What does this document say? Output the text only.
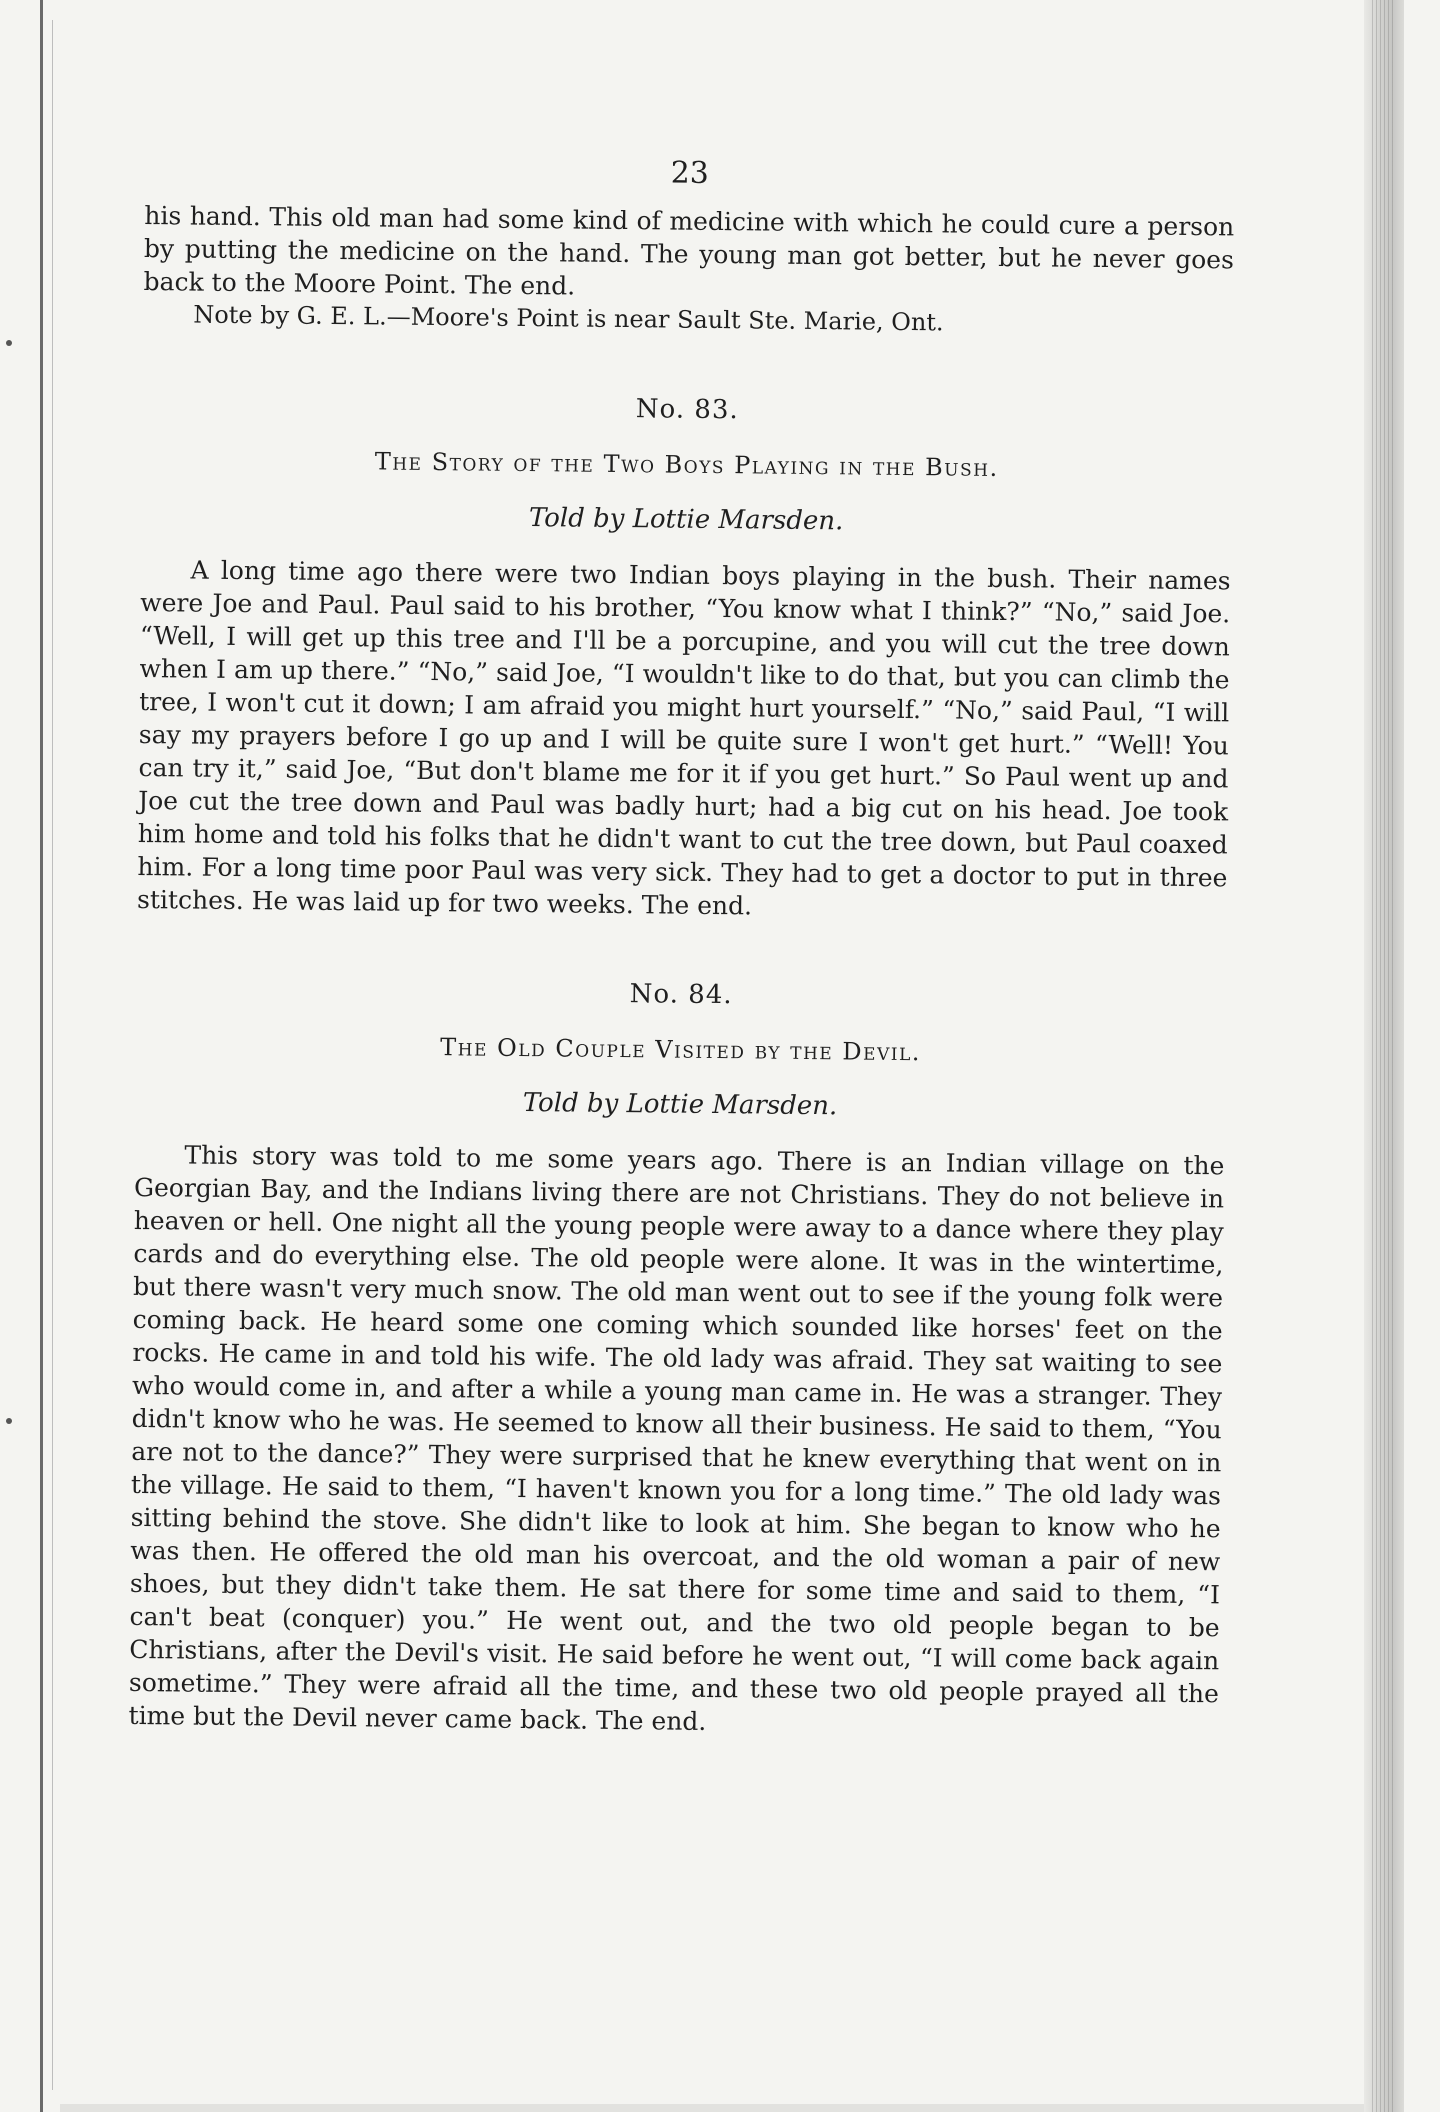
23

his hand. This old man had some kind of medicine with which he could cure a person by putting the medicine on the hand. The young man got better, but he never goes back to the Moore Point. The end.

Note by G. E. L.—Moore's Point is near Sault Ste. Marie, Ont.

No. 83.
The Story of the Two Boys Playing in the Bush.
Told by Lottie Marsden.

A long time ago there were two Indian boys playing in the bush. Their names were Joe and Paul. Paul said to his brother, “You know what I think?” “No,” said Joe. “Well, I will get up this tree and I'll be a porcupine, and you will cut the tree down when I am up there.” “No,” said Joe, “I wouldn't like to do that, but you can climb the tree, I won't cut it down; I am afraid you might hurt yourself.” “No,” said Paul, “I will say my prayers before I go up and I will be quite sure I won't get hurt.” “Well! You can try it,” said Joe, “But don't blame me for it if you get hurt.” So Paul went up and Joe cut the tree down and Paul was badly hurt; had a big cut on his head. Joe took him home and told his folks that he didn't want to cut the tree down, but Paul coaxed him. For a long time poor Paul was very sick. They had to get a doctor to put in three stitches. He was laid up for two weeks. The end.

No. 84.
The Old Couple Visited by the Devil.
Told by Lottie Marsden.

This story was told to me some years ago. There is an Indian village on the Georgian Bay, and the Indians living there are not Christians. They do not believe in heaven or hell. One night all the young people were away to a dance where they play cards and do everything else. The old people were alone. It was in the wintertime, but there wasn't very much snow. The old man went out to see if the young folk were coming back. He heard some one coming which sounded like horses' feet on the rocks. He came in and told his wife. The old lady was afraid. They sat waiting to see who would come in, and after a while a young man came in. He was a stranger. They didn't know who he was. He seemed to know all their business. He said to them, “You are not to the dance?” They were surprised that he knew everything that went on in the village. He said to them, “I haven't known you for a long time.” The old lady was sitting behind the stove. She didn't like to look at him. She began to know who he was then. He offered the old man his overcoat, and the old woman a pair of new shoes, but they didn't take them. He sat there for some time and said to them, “I can't beat (conquer) you.” He went out, and the two old people began to be Christians, after the Devil's visit. He said before he went out, “I will come back again sometime.” They were afraid all the time, and these two old people prayed all the time but the Devil never came back. The end.
